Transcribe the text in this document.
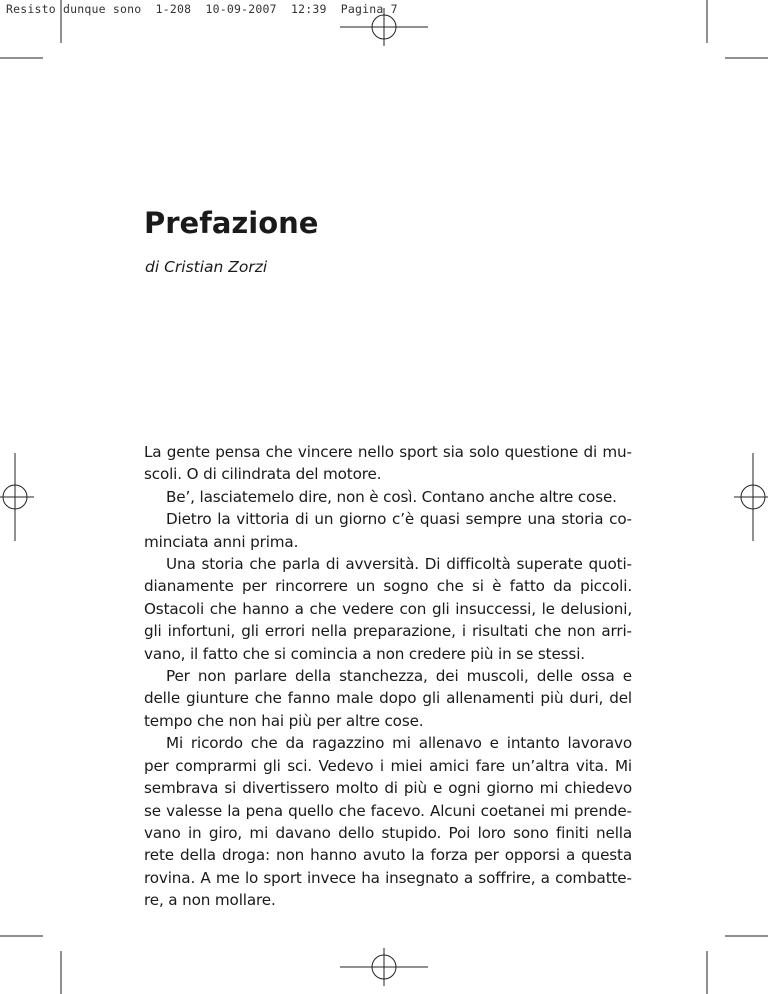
Resisto dunque sono  1-208  10-09-2007  12:39  Pagina 7

Prefazione

di Cristian Zorzi

La gente pensa che vincere nello sport sia solo questione di muscoli. O di cilindrata del motore.

Be’, lasciatemelo dire, non è così. Contano anche altre cose.

Dietro la vittoria di un giorno c’è quasi sempre una storia cominciata anni prima.

Una storia che parla di avversità. Di difficoltà superate quotidianamente per rincorrere un sogno che si è fatto da piccoli. Ostacoli che hanno a che vedere con gli insuccessi, le delusioni, gli infortuni, gli errori nella preparazione, i risultati che non arrivano, il fatto che si comincia a non credere più in se stessi.

Per non parlare della stanchezza, dei muscoli, delle ossa e delle giunture che fanno male dopo gli allenamenti più duri, del tempo che non hai più per altre cose.

Mi ricordo che da ragazzino mi allenavo e intanto lavoravo per comprarmi gli sci. Vedevo i miei amici fare un’altra vita. Mi sembrava si divertissero molto di più e ogni giorno mi chiedevo se valesse la pena quello che facevo. Alcuni coetanei mi prendevano in giro, mi davano dello stupido. Poi loro sono finiti nella rete della droga: non hanno avuto la forza per opporsi a questa rovina. A me lo sport invece ha insegnato a soffrire, a combattere, a non mollare.
